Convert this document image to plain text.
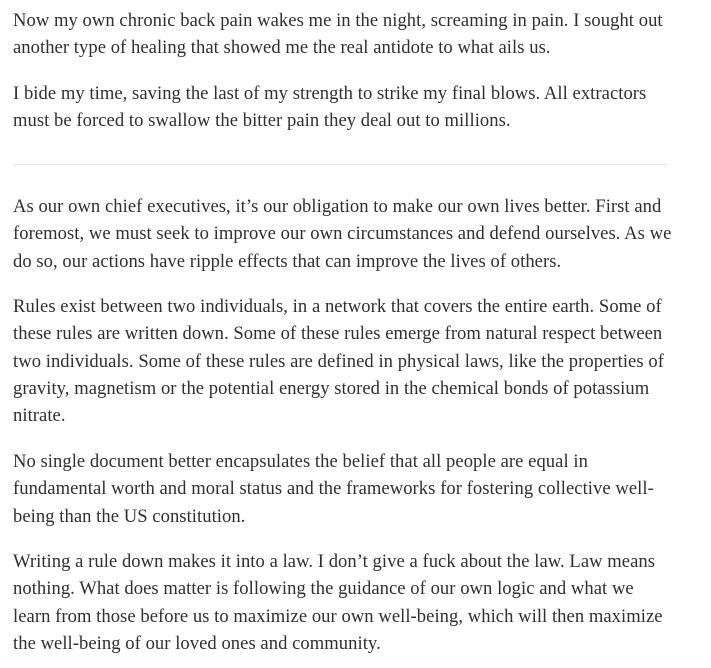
Now my own chronic back pain wakes me in the night, screaming in pain. I sought out another type of healing that showed me the real antidote to what ails us.

I bide my time, saving the last of my strength to strike my final blows. All extractors must be forced to swallow the bitter pain they deal out to millions.

As our own chief executives, it’s our obligation to make our own lives better. First and foremost, we must seek to improve our own circumstances and defend ourselves. As we do so, our actions have ripple effects that can improve the lives of others.

Rules exist between two individuals, in a network that covers the entire earth. Some of these rules are written down. Some of these rules emerge from natural respect between two individuals. Some of these rules are defined in physical laws, like the properties of gravity, magnetism or the potential energy stored in the chemical bonds of potassium nitrate.

No single document better encapsulates the belief that all people are equal in fundamental worth and moral status and the frameworks for fostering collective well-being than the US constitution.

Writing a rule down makes it into a law. I don’t give a fuck about the law. Law means nothing. What does matter is following the guidance of our own logic and what we learn from those before us to maximize our own well-being, which will then maximize the well-being of our loved ones and community.
